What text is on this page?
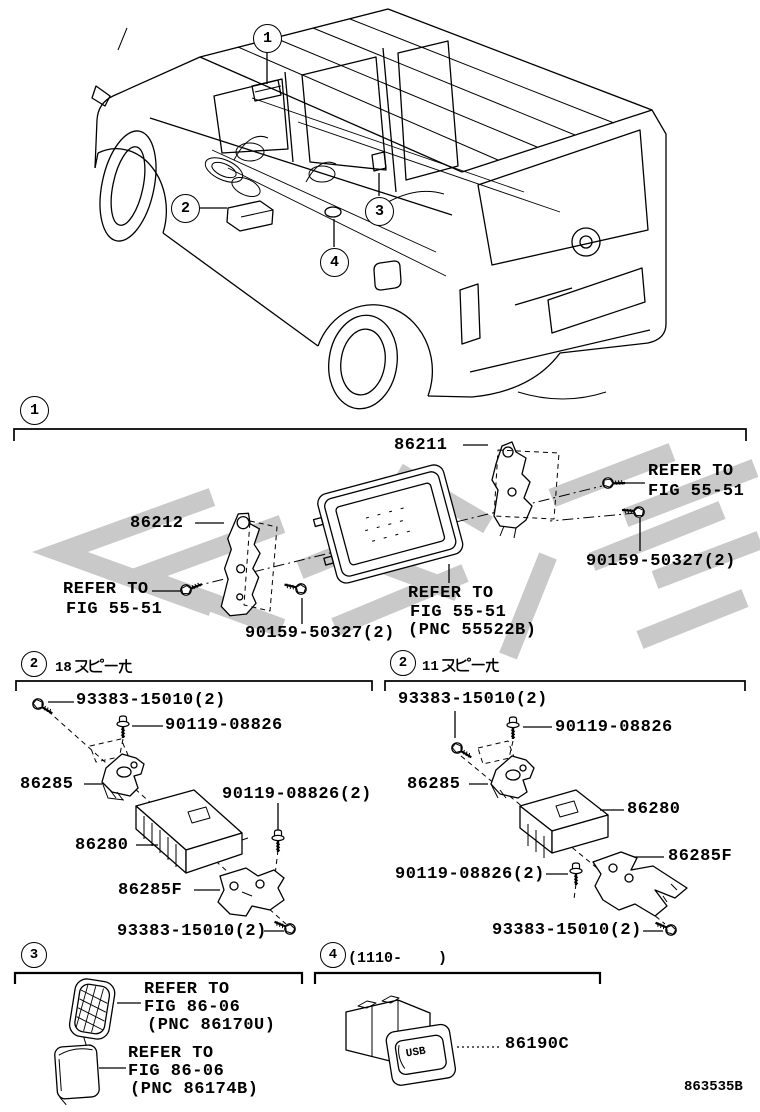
1
2	3
4
1
2 18	2 11
3	4 (1110-    )
86211
86212
REFER TO
FIG 55-51
90159-50327(2)
REFER TO
FIG 55-51
90159-50327(2)
REFER TO
FIG 55-51
(PNC 55522B)
93383-15010(2)
90119-08826
86285
90119-08826(2)
86280
86285F
93383-15010(2)
93383-15010(2)
90119-08826
86285
86280
86285F
90119-08826(2)
93383-15010(2)
REFER TO
FIG 86-06
(PNC 86170U)
REFER TO
FIG 86-06
(PNC 86174B)
USB	86190C
863535B
